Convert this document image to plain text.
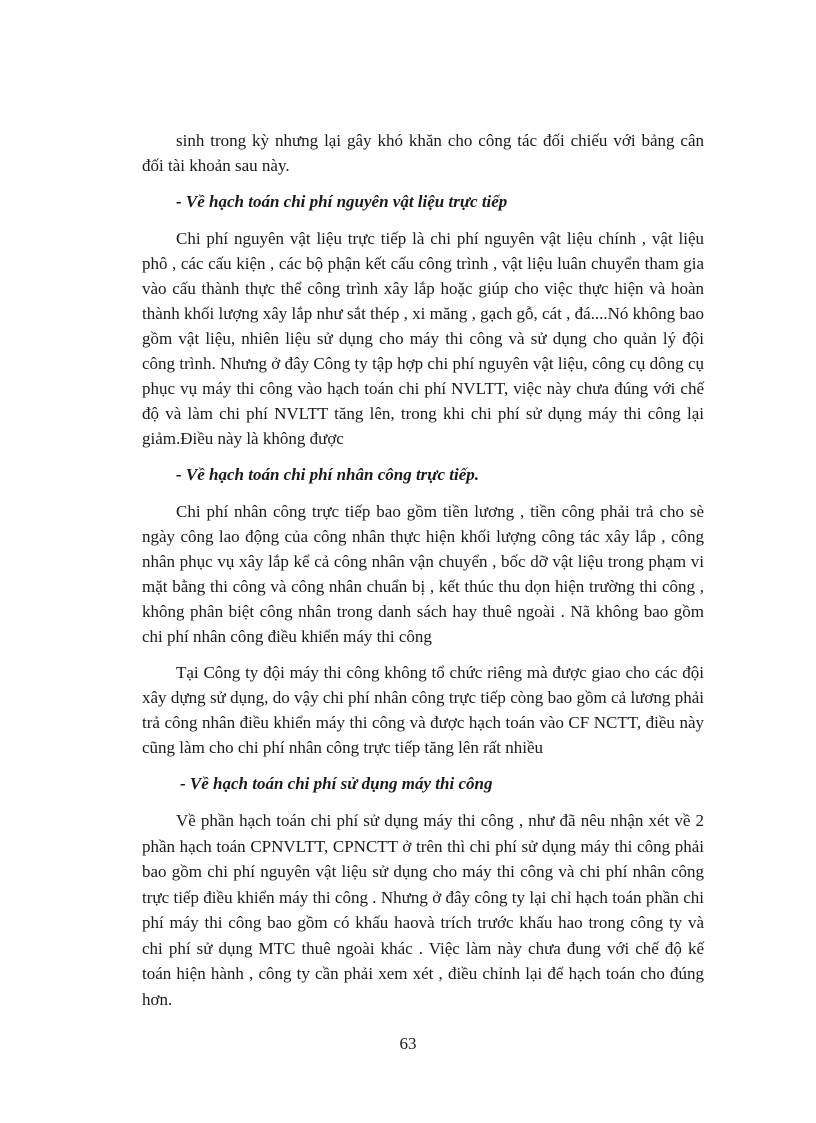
sinh trong kỳ nhưng lại gây khó khăn cho công tác đối chiếu với bảng cân đối tài khoản sau này.

- Về hạch toán chi phí nguyên vật liệu trực tiếp

Chi phí nguyên vật liệu trực tiếp là chi phí nguyên vật liệu chính , vật liệu phô , các cấu kiện , các bộ phận kết cấu công trình , vật liệu luân chuyển tham gia vào cấu thành thực thể công trình xây lắp hoặc giúp cho việc thực hiện và hoàn thành khối lượng xây lắp như sắt thép , xi măng , gạch gỗ, cát , đá....Nó không bao gồm vật liệu, nhiên liệu sử dụng cho máy thi công và sử dụng cho quản lý đội công trình. Nhưng ở đây Công ty tập hợp chi phí nguyên vật liệu, công cụ dông cụ phục vụ máy thi công vào hạch toán chi phí NVLTT, việc này chưa đúng với chế độ và làm chi phí NVLTT tăng lên, trong khi chi phí sử dụng máy thi công lại giảm.Điều này là không được

- Về hạch toán chi phí nhân công trực tiếp.

Chi phí nhân công trực tiếp bao gồm tiền lương , tiền công phải trả cho sè ngày công lao động của công nhân thực hiện khối lượng công tác xây lắp , công nhân phục vụ xây lắp kể cả công nhân vận chuyển , bốc dỡ vật liệu trong phạm vi mặt bằng thi công và công nhân chuẩn bị , kết thúc thu dọn hiện trường thi công , không phân biệt công nhân trong danh sách hay thuê ngoài . Nã không bao gồm chi phí nhân công điều khiển máy thi công

Tại Công ty đội máy thi công không tổ chức riêng mà được giao cho các đội xây dựng sử dụng, do vậy chi phí nhân công trực tiếp còng bao gồm cả lương phải trả công nhân điều khiển máy thi công và được hạch toán vào CF NCTT, điều này cũng làm cho chi phí nhân công trực tiếp tăng lên rất nhiều

- Về hạch toán chi phí sử dụng máy thi công

Về phần hạch toán chi phí sử dụng máy thi công , như đã nêu nhận xét về 2 phần hạch toán CPNVLTT, CPNCTT ở trên thì chi phí sử dụng máy thi công phải bao gồm chi phí nguyên vật liệu sử dụng cho máy thi công và chi phí nhân công trực tiếp điều khiển máy thi công . Nhưng ở đây công ty lại chỉ hạch toán phần chi phí máy thi công bao gồm có khấu haovà trích trước khấu hao trong công ty và chi phí sử dụng MTC thuê ngoài khác . Việc làm này chưa đung với chế độ kế toán hiện hành , công ty cần phải xem xét , điều chỉnh lại để hạch toán cho đúng hơn.

63
